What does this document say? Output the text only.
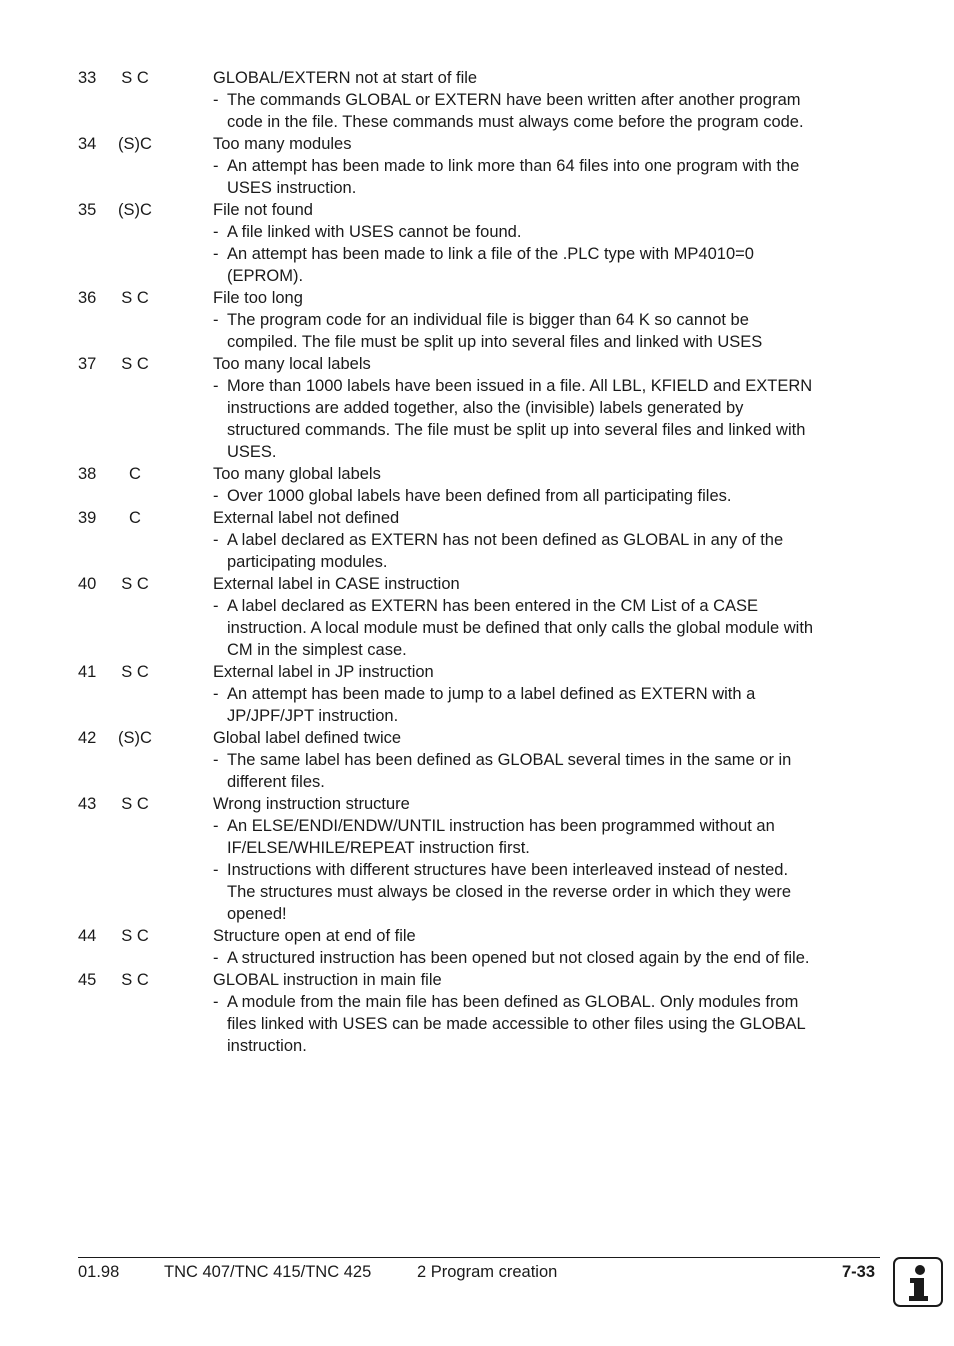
33	S C	GLOBAL/EXTERN not at start of file
- The commands GLOBAL or EXTERN have been written after another program code in the file. These commands must always come before the program code.
34	(S)C	Too many modules
- An attempt has been made to link more than 64 files into one program with the USES instruction.
35	(S)C	File not found
- A file linked with USES cannot be found.
- An attempt has been made to link a file of the .PLC type with MP4010=0 (EPROM).
36	S C	File too long
- The program code for an individual file is bigger than 64 K so cannot be compiled. The file must be split up into several files and linked with USES
37	S C	Too many local labels
- More than 1000 labels have been issued in a file. All LBL, KFIELD and EXTERN instructions are added together, also the (invisible) labels generated by structured commands. The file must be split up into several files and linked with USES.
38	C	Too many global labels
- Over 1000 global labels have been defined from all participating files.
39	C	External label not defined
- A label declared as EXTERN has not been defined as GLOBAL in any of the participating modules.
40	S C	External label in CASE instruction
- A label declared as EXTERN has been entered in the CM List of a CASE instruction. A local module must be defined that only calls the global module with CM in the simplest case.
41	S C	External label in JP instruction
- An attempt has been made to jump to a label defined as EXTERN with a JP/JPF/JPT instruction.
42	(S)C	Global label defined twice
- The same label has been defined as GLOBAL several times in the same or in different files.
43	S C	Wrong instruction structure
- An ELSE/ENDI/ENDW/UNTIL instruction has been programmed without an IF/ELSE/WHILE/REPEAT instruction first.
- Instructions with different structures have been interleaved instead of nested. The structures must always be closed in the reverse order in which they were opened!
44	S C	Structure open at end of file
- A structured instruction has been opened but not closed again by the end of file.
45	S C	GLOBAL instruction in main file
- A module from the main file has been defined as GLOBAL. Only modules from files linked with USES can be made accessible to other files using the GLOBAL instruction.
01.98	TNC 407/TNC 415/TNC 425	2 Program creation	7-33
